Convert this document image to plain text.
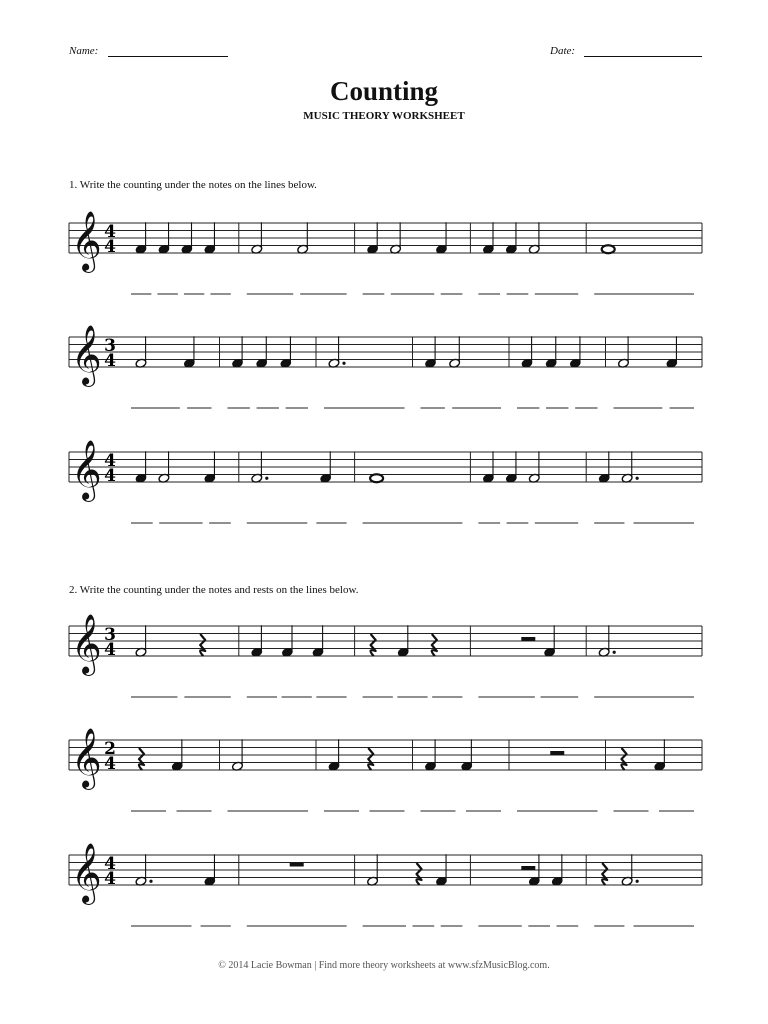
Name:	Date:
Counting
MUSIC THEORY WORKSHEET
1. Write the counting under the notes on the lines below.
2. Write the counting under the notes and rests on the lines below.
𝄞 4
4
𝄞 3
4
𝄞 4
4
𝄞 3
4
𝄞 2
4
𝄞 4
4
© 2014 Lacie Bowman | Find more theory worksheets at www.sfzMusicBlog.com.
